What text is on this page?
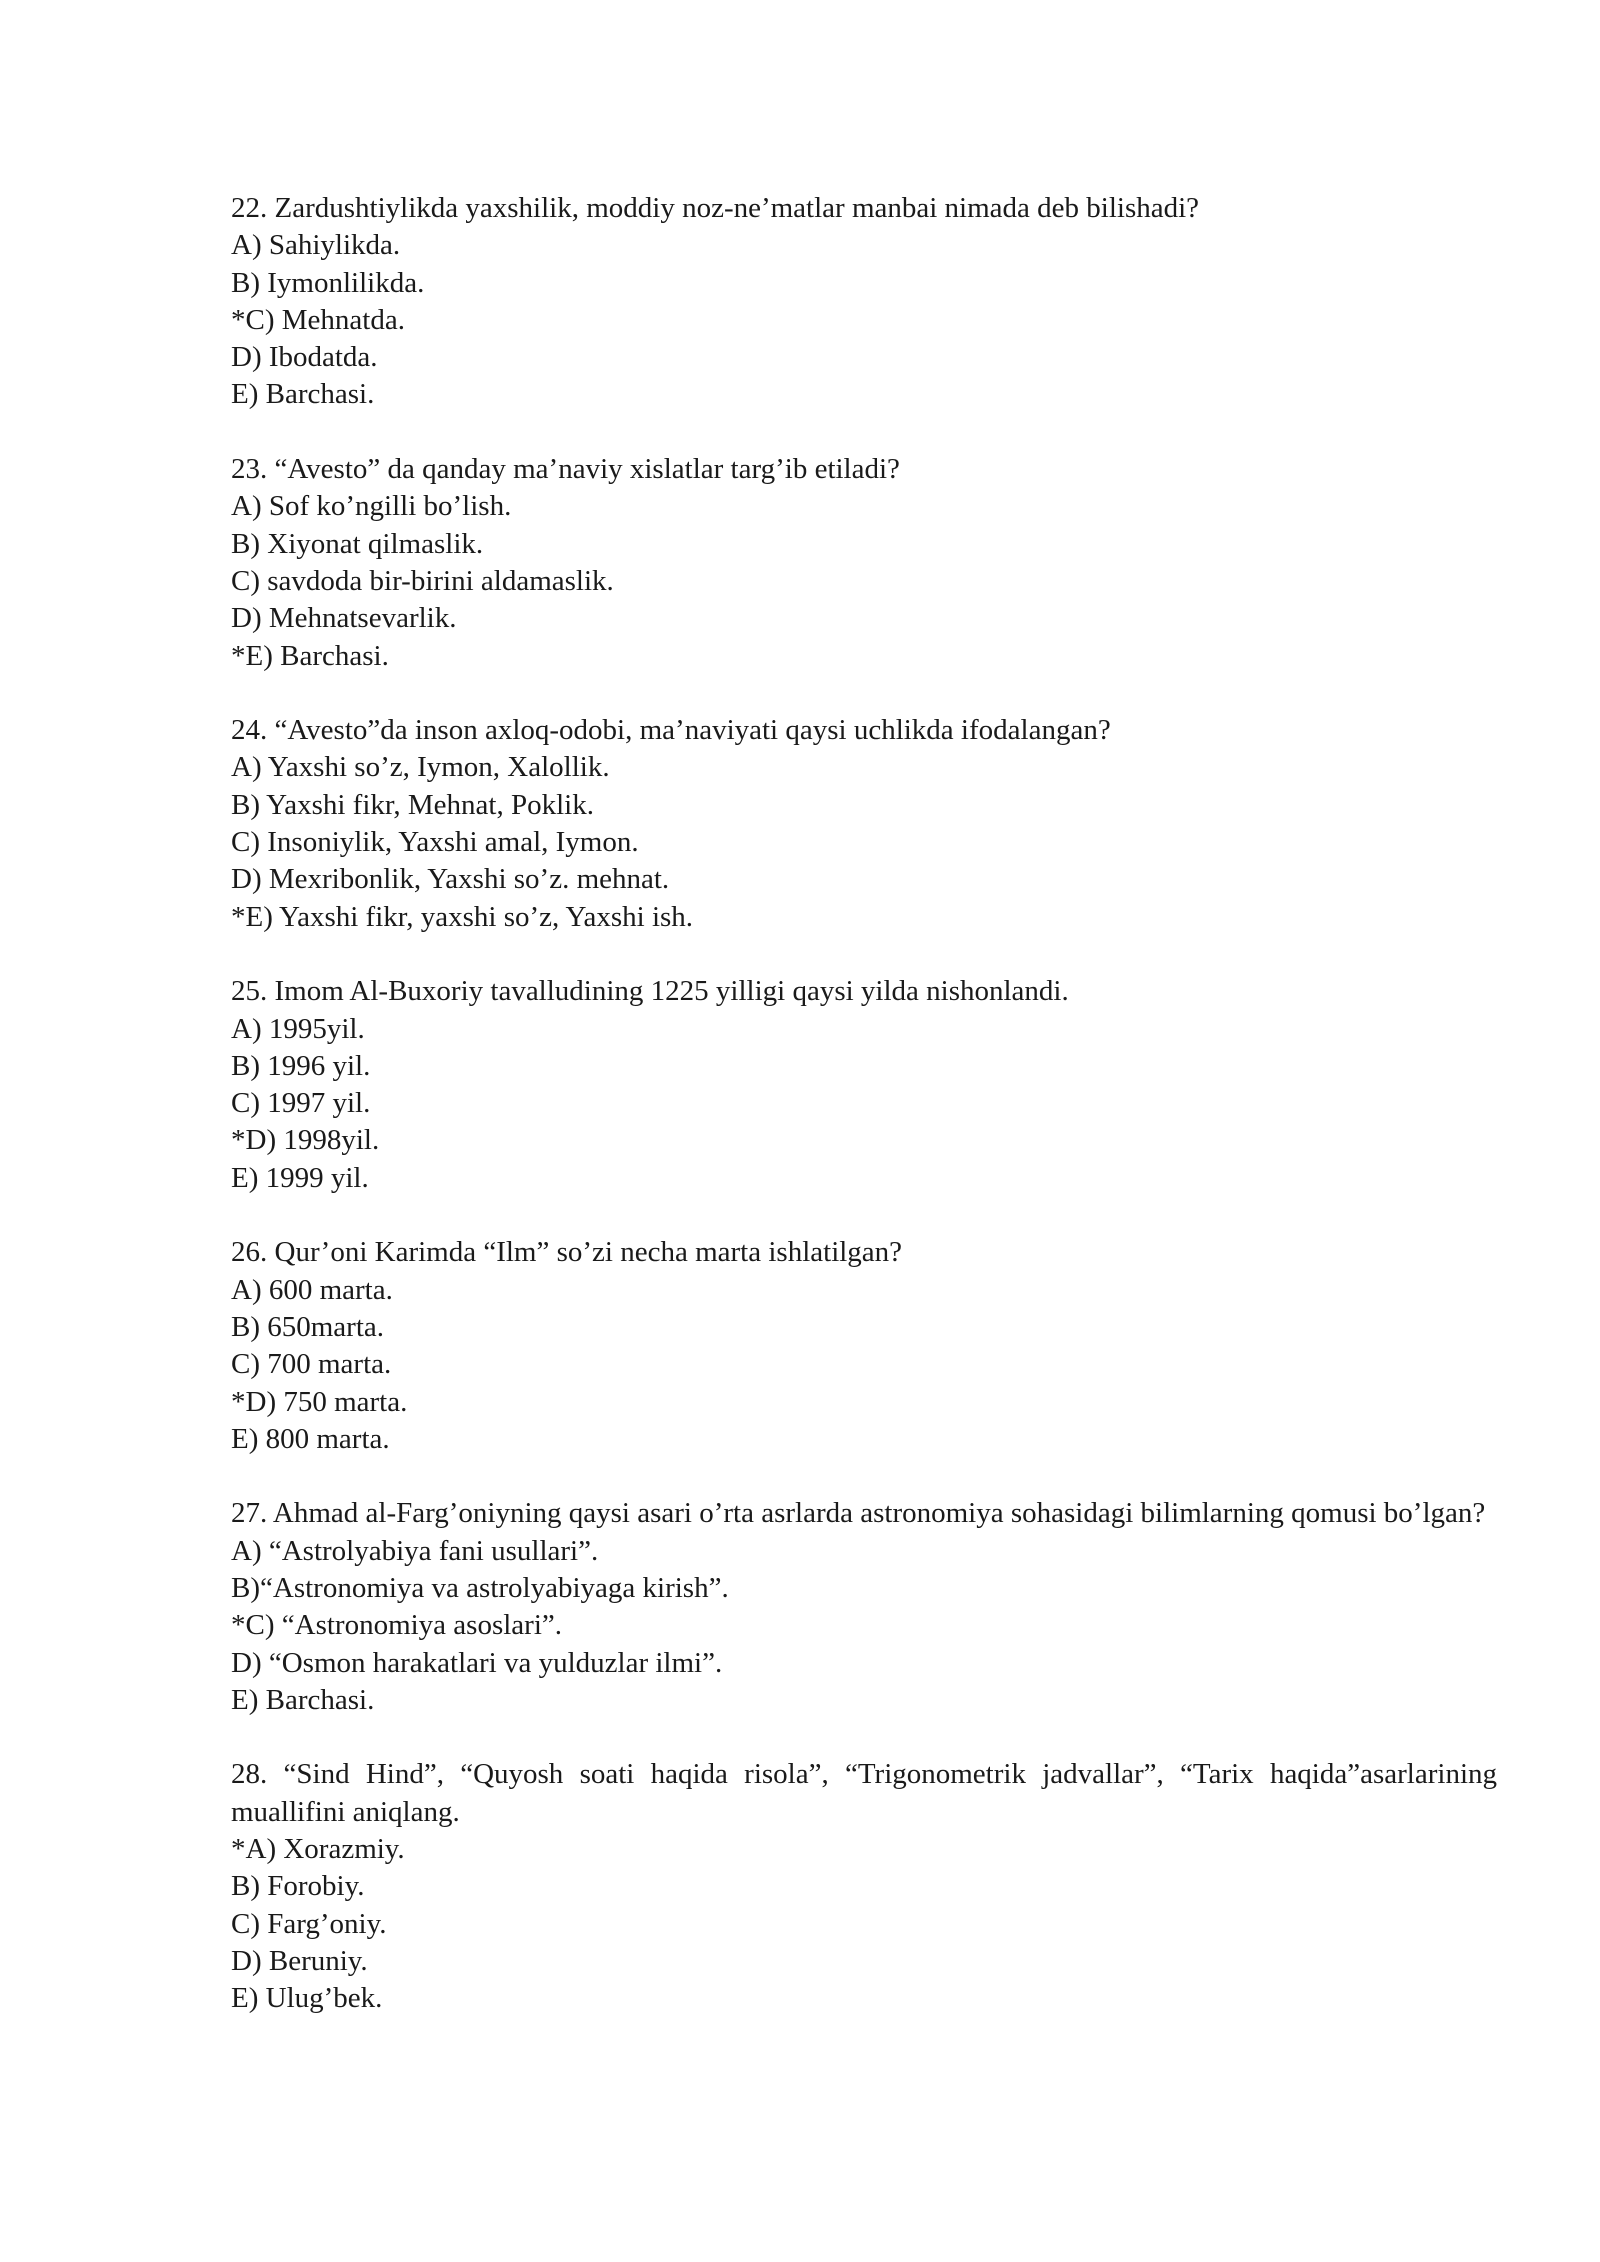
22. Zardushtiylikda yaxshilik, moddiy noz-ne’matlar manbai nimada deb bilishadi?

A) Sahiylikda.

B) Iymonlilikda.

*C) Mehnatda.

D) Ibodatda.

E) Barchasi.

23. “Avesto” da qanday ma’naviy xislatlar targ’ib etiladi?

A) Sof ko’ngilli bo’lish.

B) Xiyonat qilmaslik.

C) savdoda bir-birini aldamaslik.

D) Mehnatsevarlik.

*E) Barchasi.

24. “Avesto”da inson axloq-odobi, ma’naviyati qaysi uchlikda ifodalangan?

A) Yaxshi so’z, Iymon, Xalollik.

B) Yaxshi fikr, Mehnat, Poklik.

C) Insoniylik, Yaxshi amal, Iymon.

D) Mexribonlik, Yaxshi so’z. mehnat.

*E) Yaxshi fikr, yaxshi so’z, Yaxshi ish.

25. Imom Al-Buxoriy tavalludining 1225 yilligi qaysi yilda nishonlandi.

A) 1995yil.

B) 1996 yil.

C) 1997 yil.

*D) 1998yil.

E) 1999 yil.

26. Qur’oni Karimda “Ilm” so’zi necha marta ishlatilgan?

A) 600 marta.

B) 650marta.

C) 700 marta.

*D) 750 marta.

E) 800 marta.

27. Ahmad al-Farg’oniyning qaysi asari o’rta asrlarda astronomiya sohasidagi bilimlarning qomusi bo’lgan?

A) “Astrolyabiya fani usullari”.

B)“Astronomiya va astrolyabiyaga kirish”.

*C) “Astronomiya asoslari”.

D) “Osmon harakatlari va yulduzlar ilmi”.

E) Barchasi.

28. “Sind Hind”, “Quyosh soati haqida risola”, “Trigonometrik jadvallar”, “Tarix haqida”asarlarining muallifini aniqlang.

*A) Xorazmiy.

B) Forobiy.

C) Farg’oniy.

D) Beruniy.

E) Ulug’bek.
